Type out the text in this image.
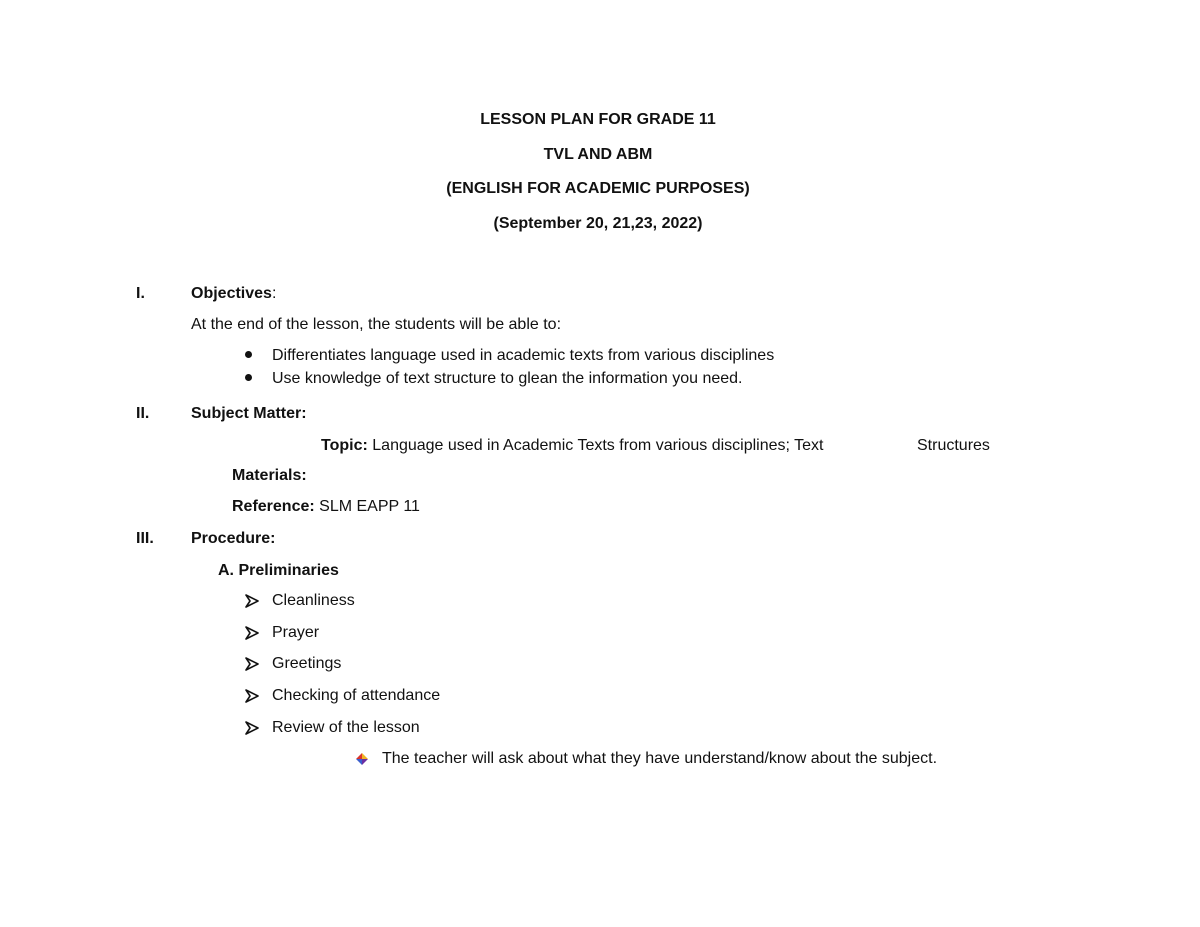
LESSON PLAN FOR GRADE 11
TVL AND ABM
(ENGLISH FOR ACADEMIC PURPOSES)
(September 20, 21,23, 2022)
I.	Objectives:
At the end of the lesson, the students will be able to:
Differentiates language used in academic texts from various disciplines
Use knowledge of text structure to glean the information you need.
II.	Subject Matter:
Topic: Language used in Academic Texts from various disciplines; Text	Structures
Materials:
Reference: SLM EAPP 11
III. Procedure:
A. Preliminaries
Cleanliness
Prayer
Greetings
Checking of attendance
Review of the lesson
The teacher will ask about what they have understand/know about the subject.
